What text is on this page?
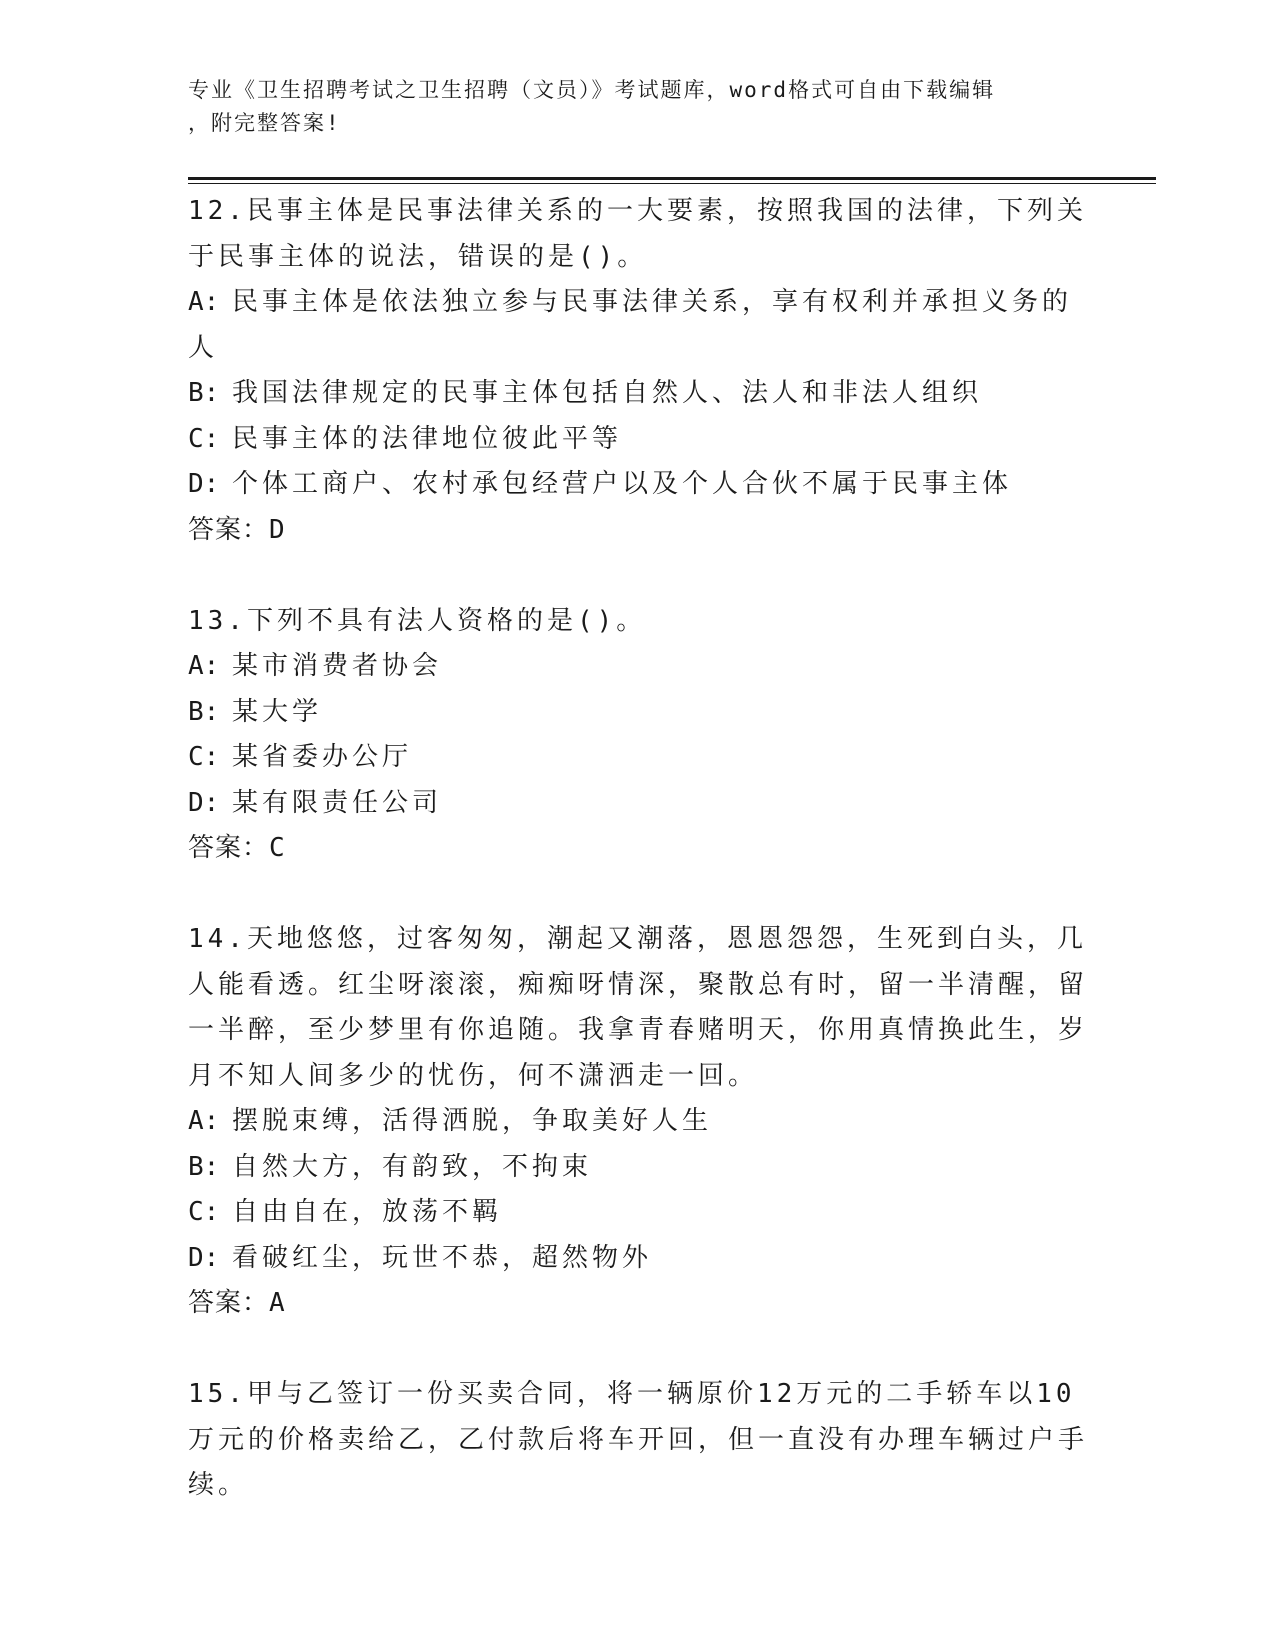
专业《卫生招聘考试之卫生招聘（文员）》考试题库，word格式可自由下载编辑
，附完整答案!
12.民事主体是民事法律关系的一大要素，按照我国的法律，下列关于民事主体的说法，错误的是()。
A: 民事主体是依法独立参与民事法律关系，享有权利并承担义务的人
B: 我国法律规定的民事主体包括自然人、法人和非法人组织
C: 民事主体的法律地位彼此平等
D: 个体工商户、农村承包经营户以及个人合伙不属于民事主体
答案：D
13.下列不具有法人资格的是()。
A: 某市消费者协会
B: 某大学
C: 某省委办公厅
D: 某有限责任公司
答案：C
14.天地悠悠，过客匆匆，潮起又潮落，恩恩怨怨，生死到白头，几人能看透。红尘呀滚滚，痴痴呀情深，聚散总有时，留一半清醒，留一半醉，至少梦里有你追随。我拿青春赌明天，你用真情换此生，岁月不知人间多少的忧伤，何不潇洒走一回。
A: 摆脱束缚，活得洒脱，争取美好人生
B: 自然大方，有韵致，不拘束
C: 自由自在，放荡不羁
D: 看破红尘，玩世不恭，超然物外
答案：A
15.甲与乙签订一份买卖合同，将一辆原价12万元的二手轿车以10万元的价格卖给乙，乙付款后将车开回，但一直没有办理车辆过户手续。
